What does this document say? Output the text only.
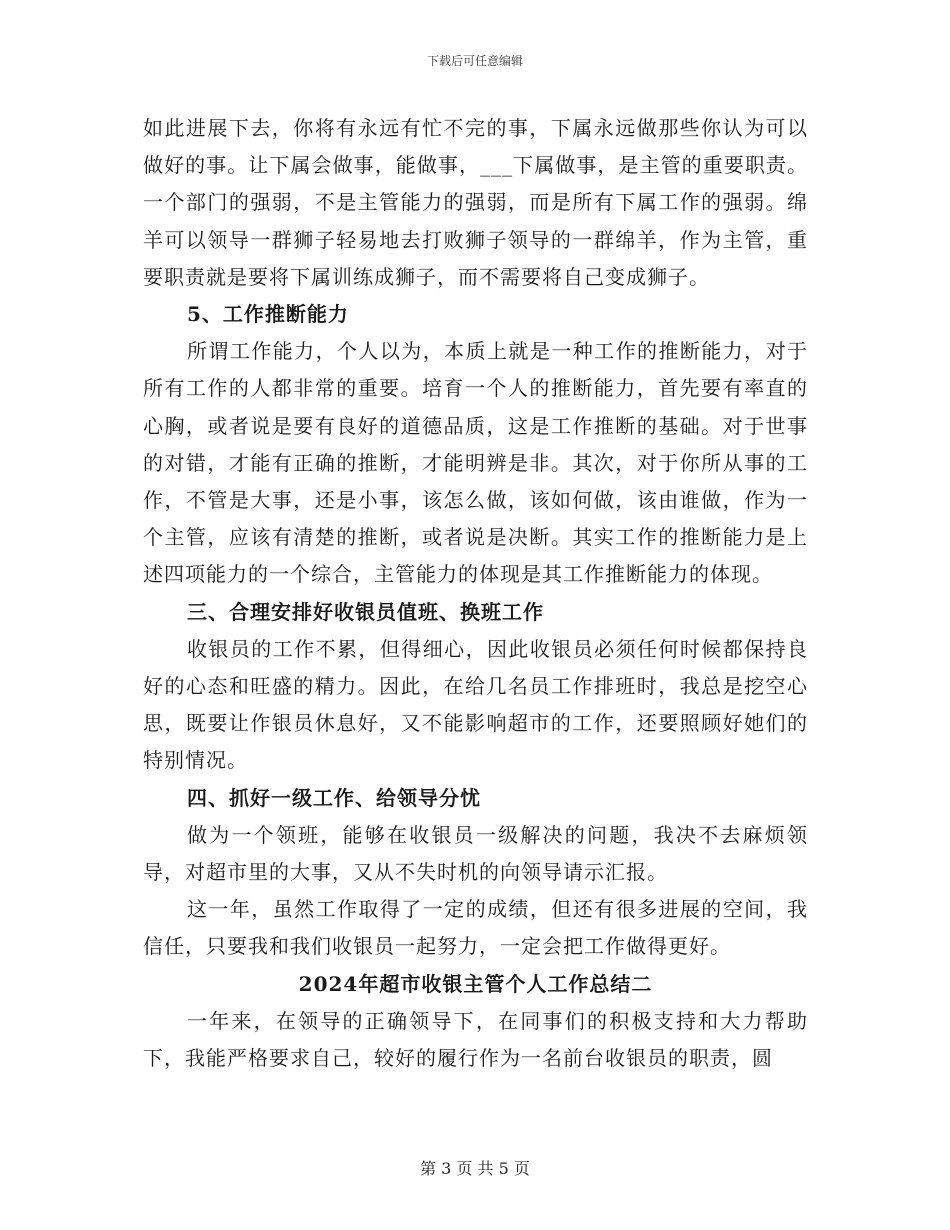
下载后可任意编辑

如此进展下去，你将有永远有忙不完的事，下属永远做那些你认为可以做好的事。让下属会做事，能做事，___下属做事，是主管的重要职责。一个部门的强弱，不是主管能力的强弱，而是所有下属工作的强弱。绵羊可以领导一群狮子轻易地去打败狮子领导的一群绵羊，作为主管，重要职责就是要将下属训练成狮子，而不需要将自己变成狮子。

5、工作推断能力

所谓工作能力，个人以为，本质上就是一种工作的推断能力，对于所有工作的人都非常的重要。培育一个人的推断能力，首先要有率直的心胸，或者说是要有良好的道德品质，这是工作推断的基础。对于世事的对错，才能有正确的推断，才能明辨是非。其次，对于你所从事的工作，不管是大事，还是小事，该怎么做，该如何做，该由谁做，作为一个主管，应该有清楚的推断，或者说是决断。其实工作的推断能力是上述四项能力的一个综合，主管能力的体现是其工作推断能力的体现。

三、合理安排好收银员值班、换班工作

收银员的工作不累，但得细心，因此收银员必须任何时候都保持良好的心态和旺盛的精力。因此，在给几名员工作排班时，我总是挖空心思，既要让作银员休息好，又不能影响超市的工作，还要照顾好她们的特别情况。

四、抓好一级工作、给领导分忧

做为一个领班，能够在收银员一级解决的问题，我决不去麻烦领导，对超市里的大事，又从不失时机的向领导请示汇报。

这一年，虽然工作取得了一定的成绩，但还有很多进展的空间，我信任，只要我和我们收银员一起努力，一定会把工作做得更好。

2024年超市收银主管个人工作总结二

一年来，在领导的正确领导下，在同事们的积极支持和大力帮助下，我能严格要求自己，较好的履行作为一名前台收银员的职责，圆

第 3 页 共 5 页
